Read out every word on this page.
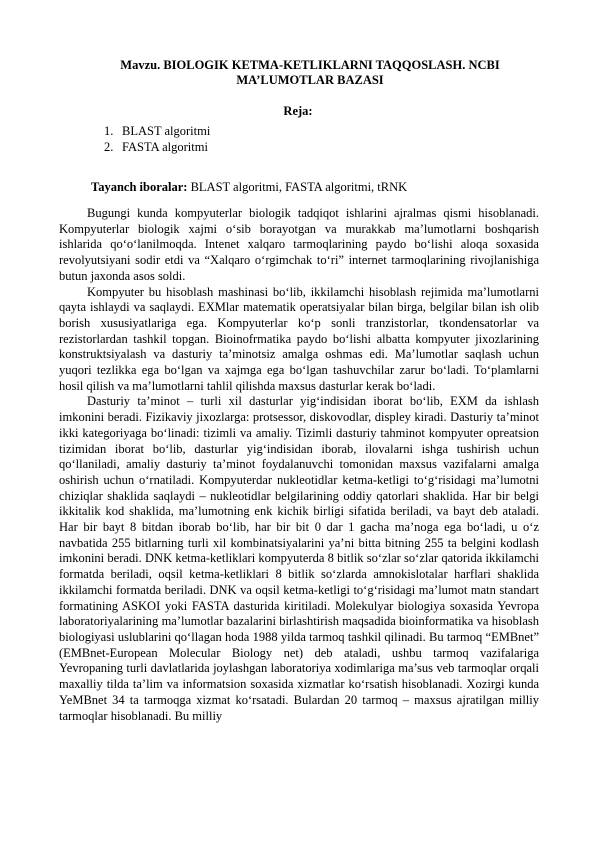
Mavzu. BIOLOGIK KETMA-KETLIKLARNI TAQQOSLASH. NCBI MA’LUMOTLAR BAZASI
Reja:
1. BLAST algoritmi
2. FASTA algoritmi
Tayanch iboralar: BLAST algoritmi, FASTA algoritmi, tRNK

Bugungi kunda kompyuterlar biologik tadqiqot ishlarini ajralmas qismi hisoblanadi. Kompyuterlar biologik xajmi o‘sib borayotgan va murakkab ma’lumotlarni boshqarish ishlarida qo‘o‘lanilmoqda. Intenet xalqaro tarmoqlarining paydo bo‘lishi aloqa soxasida revolyutsiyani sodir etdi va “Xalqaro o‘rgimchak to‘ri” internet tarmoqlarining rivojlanishiga butun jaxonda asos soldi.

Kompyuter bu hisoblash mashinasi bo‘lib, ikkilamchi hisoblash rejimida ma’lumotlarni qayta ishlaydi va saqlaydi. EXMlar matematik operatsiyalar bilan birga, belgilar bilan ish olib borish xususiyatlariga ega. Kompyuterlar ko‘p sonli tranzistorlar, tkondensatorlar va rezistorlardan tashkil topgan. Bioinofrmatika paydo bo‘lishi albatta kompyuter jixozlarining konstruktsiyalash va dasturiy ta’minotsiz amalga oshmas edi. Ma’lumotlar saqlash uchun yuqori tezlikka ega bo‘lgan va xajmga ega bo‘lgan tashuvchilar zarur bo‘ladi. To‘plamlarni hosil qilish va ma’lumotlarni tahlil qilishda maxsus dasturlar kerak bo‘ladi.

Dasturiy ta’minot – turli xil dasturlar yig‘indisidan iborat bo‘lib, EXM da ishlash imkonini beradi. Fizikaviy jixozlarga: protsessor, diskovodlar, displey kiradi. Dasturiy ta’minot ikki kategoriyaga bo‘linadi: tizimli va amaliy. Tizimli dasturiy tahminot kompyuter opreatsion tizimidan iborat bo‘lib, dasturlar yig‘indisidan iborab, ilovalarni ishga tushirish uchun qo‘llaniladi, amaliy dasturiy ta’minot foydalanuvchi tomonidan maxsus vazifalarni amalga oshirish uchun o‘rnatiladi. Kompyuterdar nukleotidlar ketma-ketligi to‘g‘risidagi ma’lumotni chiziqlar shaklida saqlaydi – nukleotidlar belgilarining oddiy qatorlari shaklida. Har bir belgi ikkitalik kod shaklida, ma’lumotning enk kichik birligi sifatida beriladi, va bayt deb ataladi. Har bir bayt 8 bitdan iborab bo‘lib, har bir bit 0 dar 1 gacha ma’noga ega bo‘ladi, u o‘z navbatida 255 bitlarning turli xil kombinatsiyalarini ya’ni bitta bitning 255 ta belgini kodlash imkonini beradi. DNK ketma-ketliklari kompyuterda 8 bitlik so‘zlar so‘zlar qatorida ikkilamchi formatda beriladi, oqsil ketma-ketliklari 8 bitlik so‘zlarda amnokislotalar harflari shaklida ikkilamchi formatda beriladi. DNK va oqsil ketma-ketligi to‘g‘risidagi ma’lumot matn standart formatining ASKOI yoki FASTA dasturida kiritiladi. Molekulyar biologiya soxasida Yevropa laboratoriyalarining ma’lumotlar bazalarini birlashtirish maqsadida bioinformatika va hisoblash biologiyasi uslublarini qo‘llagan hoda 1988 yilda tarmoq tashkil qilinadi. Bu tarmoq “EMBnet” (EMBnet-European Molecular Biology net) deb ataladi, ushbu tarmoq vazifalariga Yevropaning turli davlatlarida joylashgan laboratoriya xodimlariga ma’sus veb tarmoqlar orqali maxalliy tilda ta’lim va informatsion soxasida xizmatlar ko‘rsatish hisoblanadi. Xozirgi kunda YeMBnet 34 ta tarmoqga xizmat ko‘rsatadi. Bulardan 20 tarmoq – maxsus ajratilgan milliy tarmoqlar hisoblanadi. Bu milliy
